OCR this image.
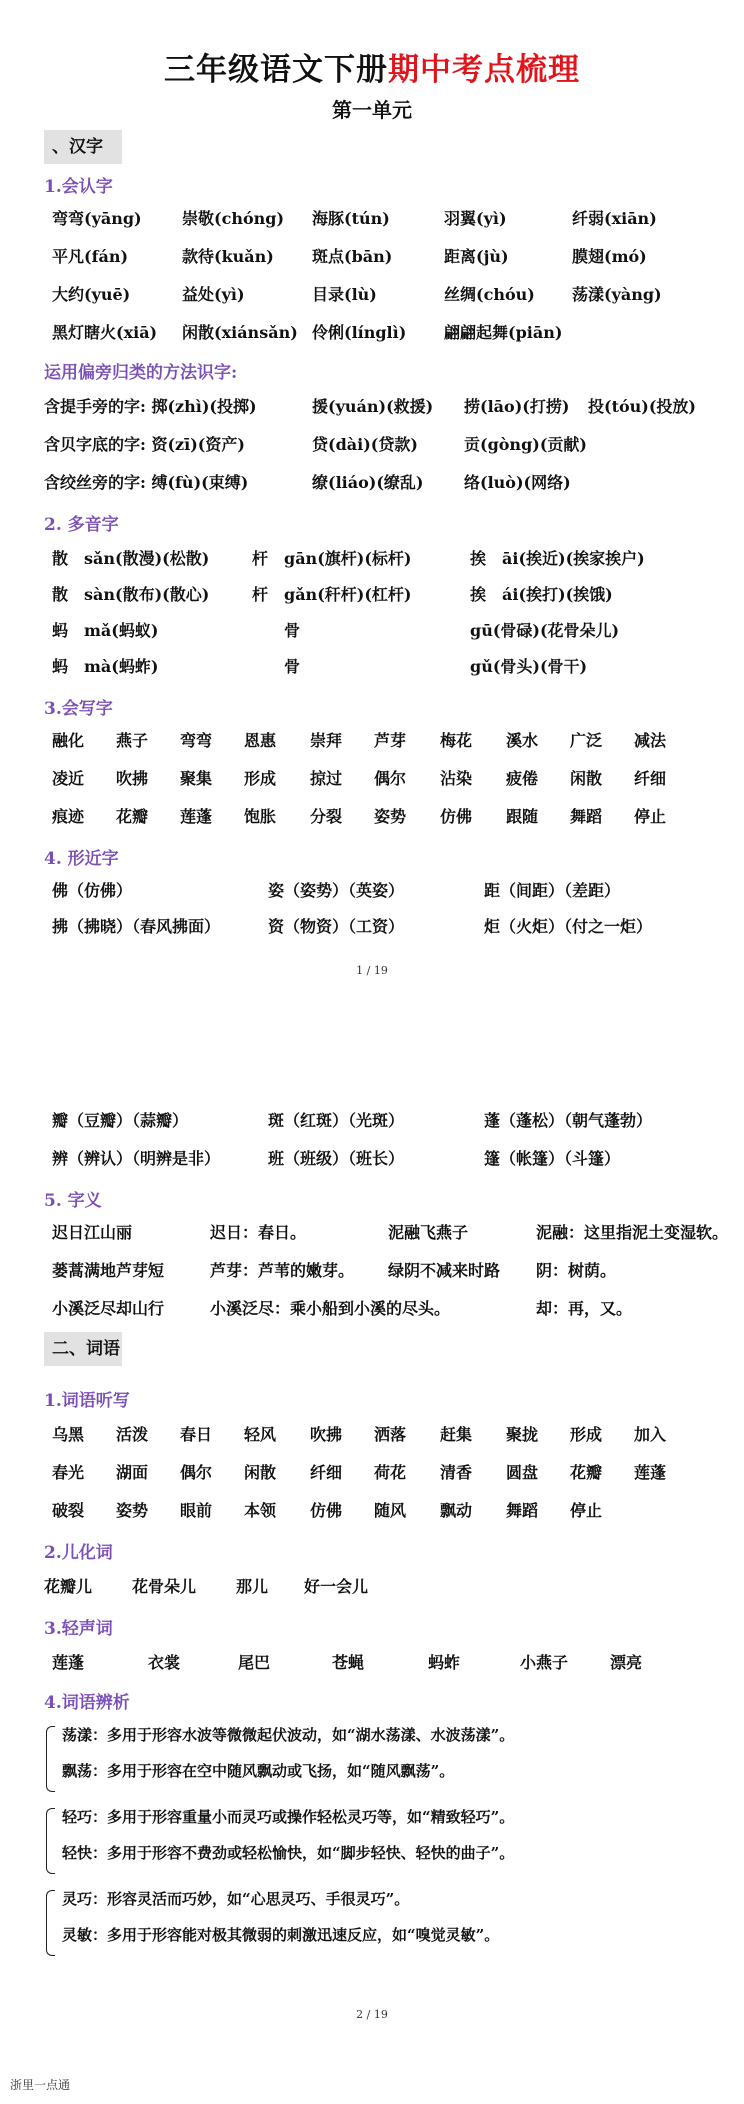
三年级语文下册期中考点梳理
第一单元
、汉字
1.会认字
弯弯(yāng)	崇敬(chóng) 海豚(tún)	羽翼(yì)	纤弱(xiān)
平凡(fán)	款待(kuǎn) 斑点(bān)	距离(jù)	膜翅(mó)
大约(yuē)	益处(yì)	目录(lù)	丝绸(chóu) 荡漾(yàng)
黑灯瞎火(xiā) 闲散(xiánsǎn) 伶俐(línglì) 翩翩起舞(piān)
运用偏旁归类的方法识字:
含提手旁的字: 掷(zhì)(投掷)	援(yuán)(救援) 捞(lāo)(打捞) 投(tóu)(投放)
含贝字底的字: 资(zī)(资产)	贷(dài)(贷款)	贡(gòng)(贡献)
含绞丝旁的字: 缚(fù)(束缚)	缭(liáo)(缭乱)	络(luò)(网络)
2. 多音字
散 sǎn(散漫)(松散)	杆 gān(旗杆)(标杆)	挨 āi(挨近)(挨家挨户)
散 sàn(散布)(散心)	杆 gǎn(秆杆)(杠杆)	挨 ái(挨打)(挨饿)
蚂 mǎ(蚂蚁)	骨	gū(骨碌)(花骨朵儿)
蚂 mà(蚂蚱)	骨	gǔ(骨头)(骨干)
3.会写字
融化 燕子 弯弯 恩惠 崇拜 芦芽 梅花 溪水 广泛 减法
凌近 吹拂 聚集 形成 掠过 偶尔 沾染 疲倦 闲散 纤细
痕迹 花瓣 莲蓬 饱胀 分裂 姿势 仿佛 跟随 舞蹈 停止
4. 形近字
佛（仿佛）	姿（姿势）（英姿）	距（间距）（差距）
拂（拂晓）（春风拂面）	资（物资）（工资）	炬（火炬）（付之一炬）
1 / 19
瓣（豆瓣）（蒜瓣）	斑（红斑）（光斑）	蓬（蓬松）（朝气蓬勃）
辨（辨认）（明辨是非）	班（班级）（班长）	篷（帐篷）（斗篷）
5. 字义
迟日江山丽	迟日：春日。	泥融飞燕子	泥融：这里指泥土变湿软。
蒌蒿满地芦芽短	芦芽：芦苇的嫩芽。 绿阴不减来时路 阴：树荫。
小溪泛尽却山行	小溪泛尽：乘小船到小溪的尽头。	却：再，又。
二、词语
1.词语听写
乌黑 活泼 春日 轻风 吹拂 洒落 赶集 聚拢 形成 加入
春光 湖面 偶尔 闲散 纤细 荷花 清香 圆盘 花瓣 莲蓬
破裂 姿势 眼前 本领 仿佛 随风 飘动 舞蹈 停止
2.儿化词
花瓣儿 花骨朵儿 那儿 好一会儿
3.轻声词
莲蓬	衣裳	尾巴	苍蝇	蚂蚱	小燕子	漂亮
4.词语辨析
荡漾：多用于形容水波等微微起伏波动，如“湖水荡漾、水波荡漾”。
飘荡：多用于形容在空中随风飘动或飞扬，如“随风飘荡”。
轻巧：多用于形容重量小而灵巧或操作轻松灵巧等，如“精致轻巧”。
轻快：多用于形容不费劲或轻松愉快，如“脚步轻快、轻快的曲子”。
灵巧：形容灵活而巧妙，如“心思灵巧、手很灵巧”。
灵敏：多用于形容能对极其微弱的刺激迅速反应，如“嗅觉灵敏”。
2 / 19
浙里一点通
